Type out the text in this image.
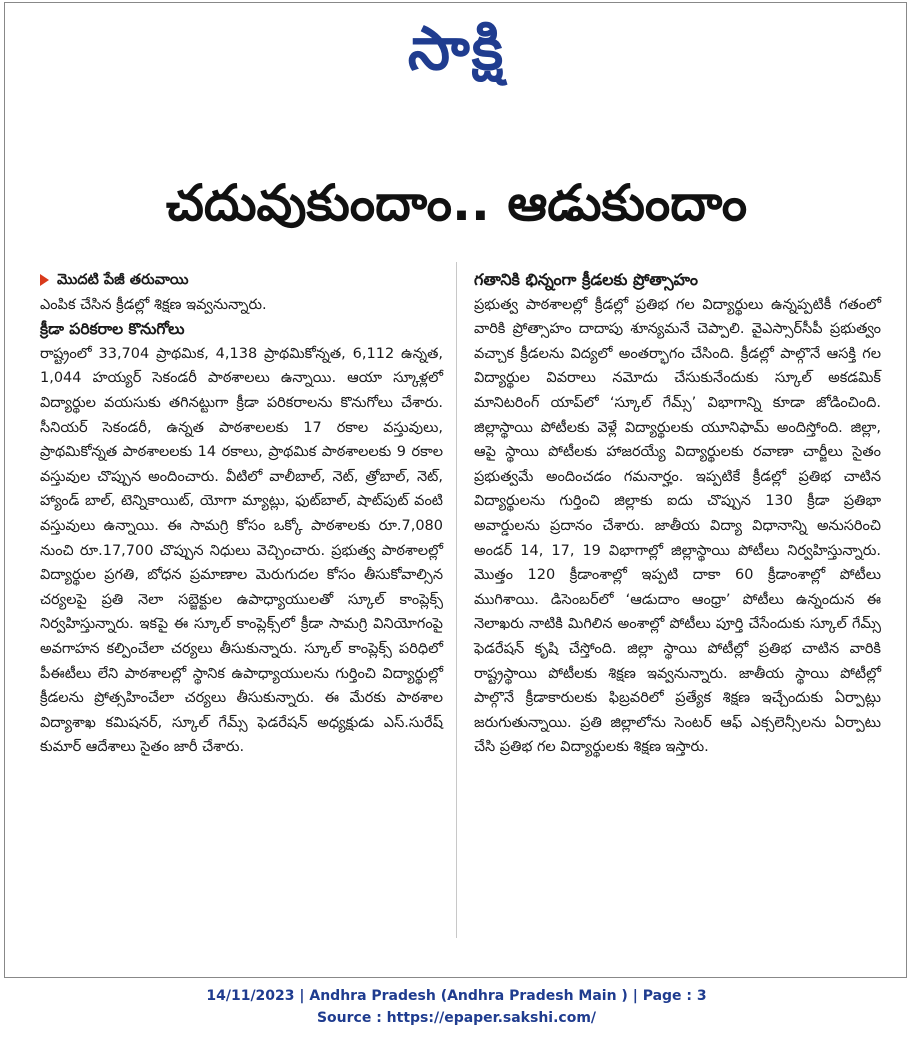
సాక్షి
చదువుకుందాం.. ఆడుకుందాం
మొదటి పేజీ తరువాయి

ఎంపిక చేసిన క్రీడల్లో శిక్షణ ఇవ్వనున్నారు.

క్రీడా పరికరాల కొనుగోలు

రాష్ట్రంలో 33,704 ప్రాథమిక, 4,138 ప్రాథమికోన్నత, 6,112 ఉన్నత, 1,044 హయ్యర్ సెకండరీ పాఠశాలలు ఉన్నాయి. ఆయా స్కూళ్లలో విద్యార్థుల వయసుకు తగినట్టుగా క్రీడా పరికరాలను కొనుగోలు చేశారు. సీనియర్ సెకండరీ, ఉన్నత పాఠశాలలకు 17 రకాల వస్తువులు, ప్రాథమికోన్నత పాఠశాలలకు 14 రకాలు, ప్రాథమిక పాఠశాలలకు 9 రకాల వస్తువుల చొప్పున అందించారు. వీటిలో వాలీబాల్, నెట్, త్రోబాల్, నెట్, హ్యాండ్ బాల్, టెన్నికాయిట్, యోగా మ్యాట్లు, ఫుట్‌బాల్, షాట్‌పుట్ వంటి వస్తువులు ఉన్నాయి. ఈ సామగ్రి కోసం ఒక్కో పాఠశాలకు రూ.7,080 నుంచి రూ.17,700 చొప్పున నిధులు వెచ్చించారు. ప్రభుత్వ పాఠశాలల్లో విద్యార్థుల ప్రగతి, బోధన ప్రమాణాల మెరుగుదల కోసం తీసుకోవాల్సిన చర్యలపై ప్రతి నెలా సబ్జెక్టుల ఉపాధ్యాయులతో స్కూల్ కాంప్లెక్స్ నిర్వహిస్తున్నారు. ఇకపై ఈ స్కూల్ కాంప్లెక్స్‌లో క్రీడా సామగ్రి వినియోగంపై అవగాహన కల్పించేలా చర్యలు తీసుకున్నారు. స్కూల్ కాంప్లెక్స్ పరిధిలో పీఈటీలు లేని పాఠశాలల్లో స్థానిక ఉపాధ్యాయులను గుర్తించి విద్యార్థుల్లో క్రీడలను ప్రోత్సహించేలా చర్యలు తీసుకున్నారు. ఈ మేరకు పాఠశాల విద్యాశాఖ కమిషనర్, స్కూల్ గేమ్స్ ఫెడరేషన్ అధ్యక్షుడు ఎస్.సురేష్ కుమార్ ఆదేశాలు సైతం జారీ చేశారు.

గతానికి భిన్నంగా క్రీడలకు ప్రోత్సాహం

ప్రభుత్వ పాఠశాలల్లో క్రీడల్లో ప్రతిభ గల విద్యార్థులు ఉన్నప్పటికీ గతంలో వారికి ప్రోత్సాహం దాదాపు శూన్యమనే చెప్పాలి. వైఎస్సార్‌సీపీ ప్రభుత్వం వచ్చాక క్రీడలను విద్యలో అంతర్భాగం చేసింది. క్రీడల్లో పాల్గొనే ఆసక్తి గల విద్యార్థుల వివరాలు నమోదు చేసుకునేందుకు స్కూల్ అకడమిక్ మానిటరింగ్ యాప్‌లో ‘స్కూల్ గేమ్స్’ విభాగాన్ని కూడా జోడించింది. జిల్లాస్థాయి పోటీలకు వెళ్లే విద్యార్థులకు యూనిఫామ్ అందిస్తోంది. జిల్లా, ఆపై స్థాయి పోటీలకు హాజరయ్యే విద్యార్థులకు రవాణా చార్జీలు సైతం ప్రభుత్వమే అందించడం గమనార్హం. ఇప్పటికే క్రీడల్లో ప్రతిభ చాటిన విద్యార్థులను గుర్తించి జిల్లాకు ఐదు చొప్పున 130 క్రీడా ప్రతిభా అవార్డులను ప్రదానం చేశారు. జాతీయ విద్యా విధానాన్ని అనుసరించి అండర్ 14, 17, 19 విభాగాల్లో జిల్లాస్థాయి పోటీలు నిర్వహిస్తున్నారు. మొత్తం 120 క్రీడాంశాల్లో ఇప్పటి దాకా 60 క్రీడాంశాల్లో పోటీలు ముగిశాయి. డిసెంబర్‌లో ‘ఆడుదాం ఆంధ్రా’ పోటీలు ఉన్నందున ఈ నెలాఖరు నాటికి మిగిలిన అంశాల్లో పోటీలు పూర్తి చేసేందుకు స్కూల్ గేమ్స్ ఫెడరేషన్ కృషి చేస్తోంది. జిల్లా స్థాయి పోటీల్లో ప్రతిభ చాటిన వారికి రాష్ట్రస్థాయి పోటీలకు శిక్షణ ఇవ్వనున్నారు. జాతీయ స్థాయి పోటీల్లో పాల్గొనే క్రీడాకారులకు ఫిబ్రవరిలో ప్రత్యేక శిక్షణ ఇచ్చేందుకు ఏర్పాట్లు జరుగుతున్నాయి. ప్రతి జిల్లాలోను సెంటర్ ఆఫ్ ఎక్సలెన్సీలను ఏర్పాటు చేసి ప్రతిభ గల విద్యార్థులకు శిక్షణ ఇస్తారు.

14/11/2023 | Andhra Pradesh (Andhra Pradesh Main ) | Page : 3
Source : https://epaper.sakshi.com/
